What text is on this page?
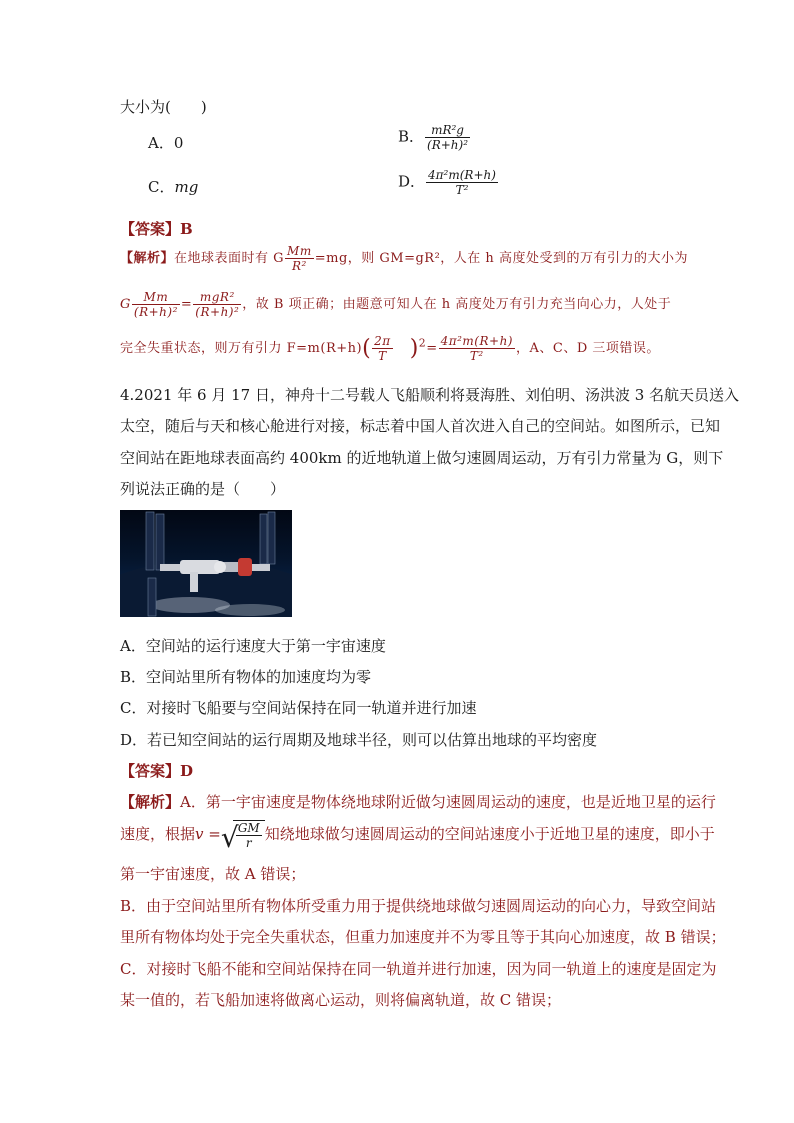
大小为(　　)
A．0	B． $\frac{\text{mR²g}}{\text{(R+h)²}}$
C．mg	D． $\frac{\text{4π²m(R+h)}}{\text{T²}}$
【答案】B
【解析】在地球表面时有 G $\frac{Mm}{\text{R²}} =mg$，则 GM=gR²，人在 h 高度处受到的万有引力的大小为
G $\frac{Mm}{\text{(R+h)²}} = \frac{\text{mgR²}}{\text{(R+h)²}}$ ，故 B 项正确；由题意可知人在 h 高度处万有引力充当向心力，人处于
完全失重状态，则万有引力 $F=m(R+h)( \frac{2\pi}{T} )^2= \frac{\text{4π²m(R+h)}}{\text{T²}}$ ，A、C、D 三项错误。
4.2021 年 6 月 17 日，神舟十二号载人飞船顺利将聂海胜、刘伯明、汤洪波 3 名航天员送入
太空，随后与天和核心舱进行对接，标志着中国人首次进入自己的空间站。如图所示，已知
空间站在距地球表面高约 400km 的近地轨道上做匀速圆周运动，万有引力常量为 G，则下
列说法正确的是（　　）
A．空间站的运行速度大于第一宇宙速度
B．空间站里所有物体的加速度均为零
C．对接时飞船要与空间站保持在同一轨道并进行加速
D．若已知空间站的运行周期及地球半径，则可以估算出地球的平均密度
【答案】D
【解析】A．第一宇宙速度是物体绕地球附近做匀速圆周运动的速度，也是近地卫星的运行
速度，根据v = √
$\frac{GM}{r}$ 知绕地球做匀速圆周运动的空间站速度小于近地卫星的速度，即小于
第一宇宙速度，故 A 错误；
B．由于空间站里所有物体所受重力用于提供绕地球做匀速圆周运动的向心力，导致空间站
里所有物体均处于完全失重状态，但重力加速度并不为零且等于其向心加速度，故 B 错误；
C．对接时飞船不能和空间站保持在同一轨道并进行加速，因为同一轨道上的速度是固定为
某一值的，若飞船加速将做离心运动，则将偏离轨道，故 C 错误；
